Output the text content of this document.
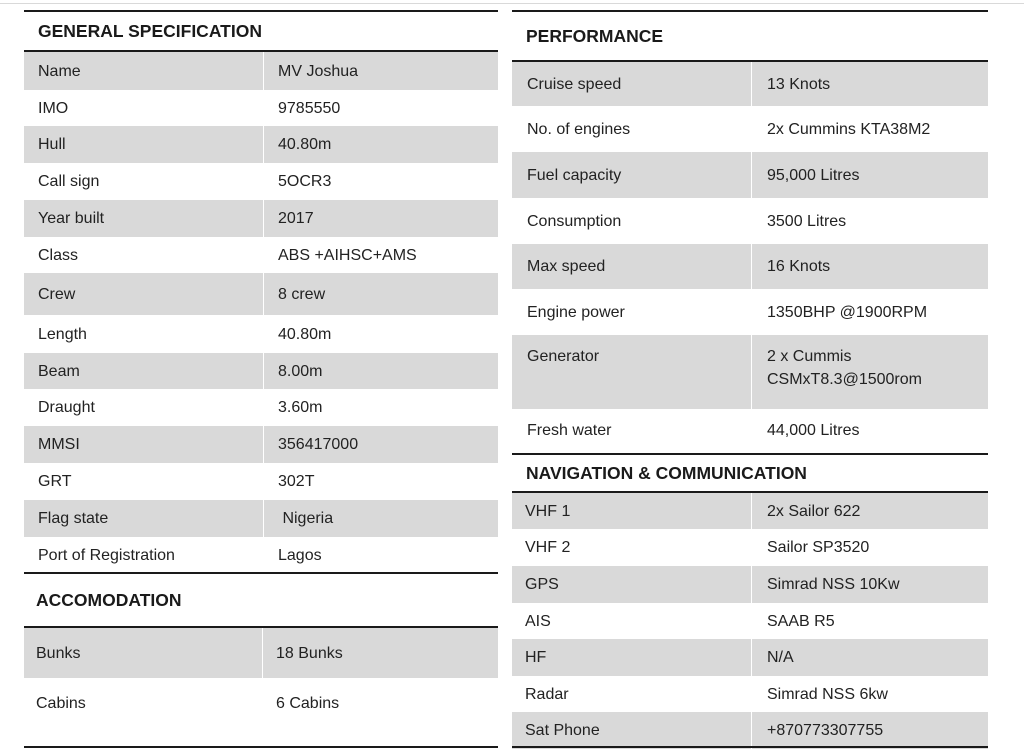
GENERAL SPECIFICATION
Name	MV Joshua
IMO	9785550
Hull	40.80m
Call sign	5OCR3
Year built	2017
Class	ABS +AIHSC+AMS
Crew	8 crew
Length	40.80m
Beam	8.00m
Draught	3.60m
MMSI	356417000
GRT	302T
Flag state	Nigeria
Port of Registration	Lagos
ACCOMODATION
Bunks	18 Bunks
Cabins	6 Cabins
PERFORMANCE
Cruise speed	13 Knots
No. of engines	2x Cummins KTA38M2
Fuel capacity	95,000 Litres
Consumption	3500 Litres
Max speed	16 Knots
Engine power	1350BHP @1900RPM
Generator	2 x Cummis
CSMxT8.3@1500rom
Fresh water	44,000 Litres
NAVIGATION & COMMUNICATION
VHF 1	2x Sailor 622
VHF 2	Sailor SP3520
GPS	Simrad NSS 10Kw
AIS	SAAB R5
HF	N/A
Radar	Simrad NSS 6kw
Sat Phone	+870773307755
